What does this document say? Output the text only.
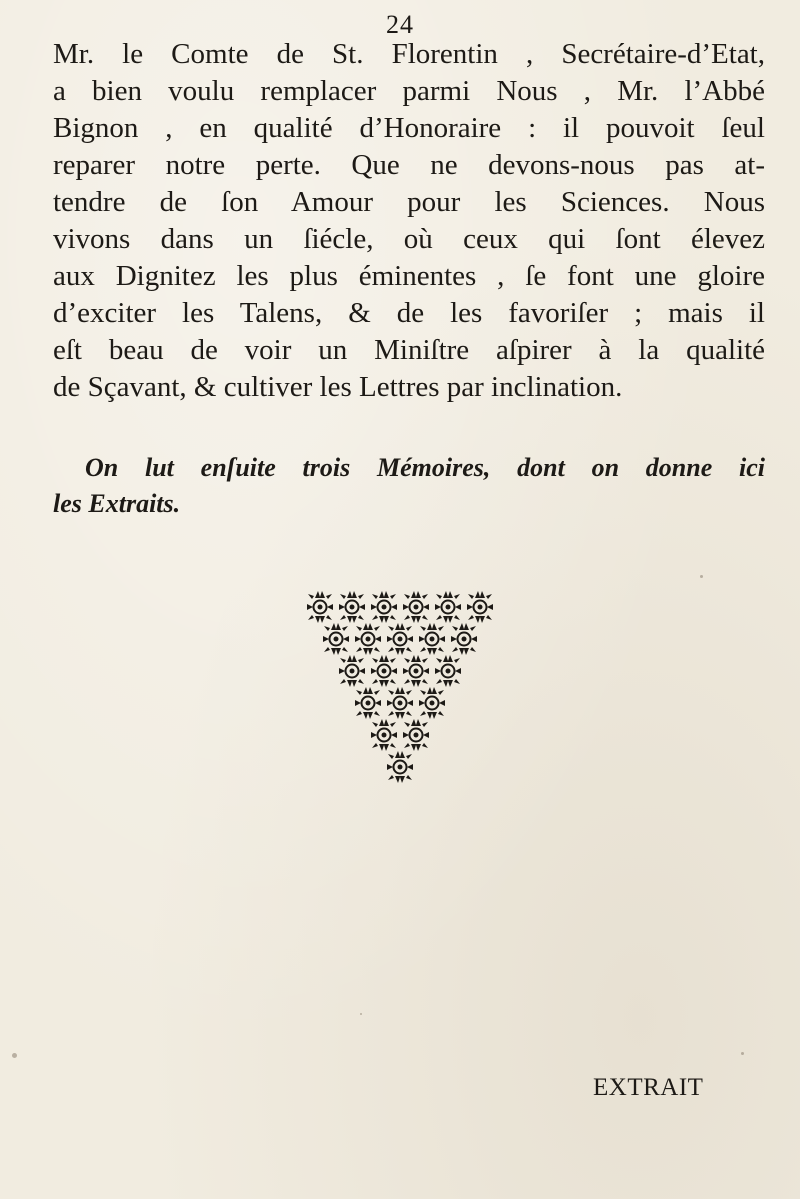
24
Mr. le Comte de St. Florentin , Secrétaire-d’Etat,
a bien voulu remplacer parmi Nous , Mr. l’Abbé
Bignon , en qualité d’Honoraire : il pouvoit ſeul
reparer notre perte. Que ne devons-nous pas at-
tendre de ſon Amour pour les Sciences. Nous
vivons dans un ſiécle, où ceux qui ſont élevez
aux Dignitez les plus éminentes , ſe font une gloire
d’exciter les Talens, & de les favoriſer ; mais il
eſt beau de voir un Miniſtre aſpirer à la qualité
de Sçavant, & cultiver les Lettres par inclination.
On lut enſuite trois Mémoires, dont on donne ici
les Extraits.
EXTRAIT
